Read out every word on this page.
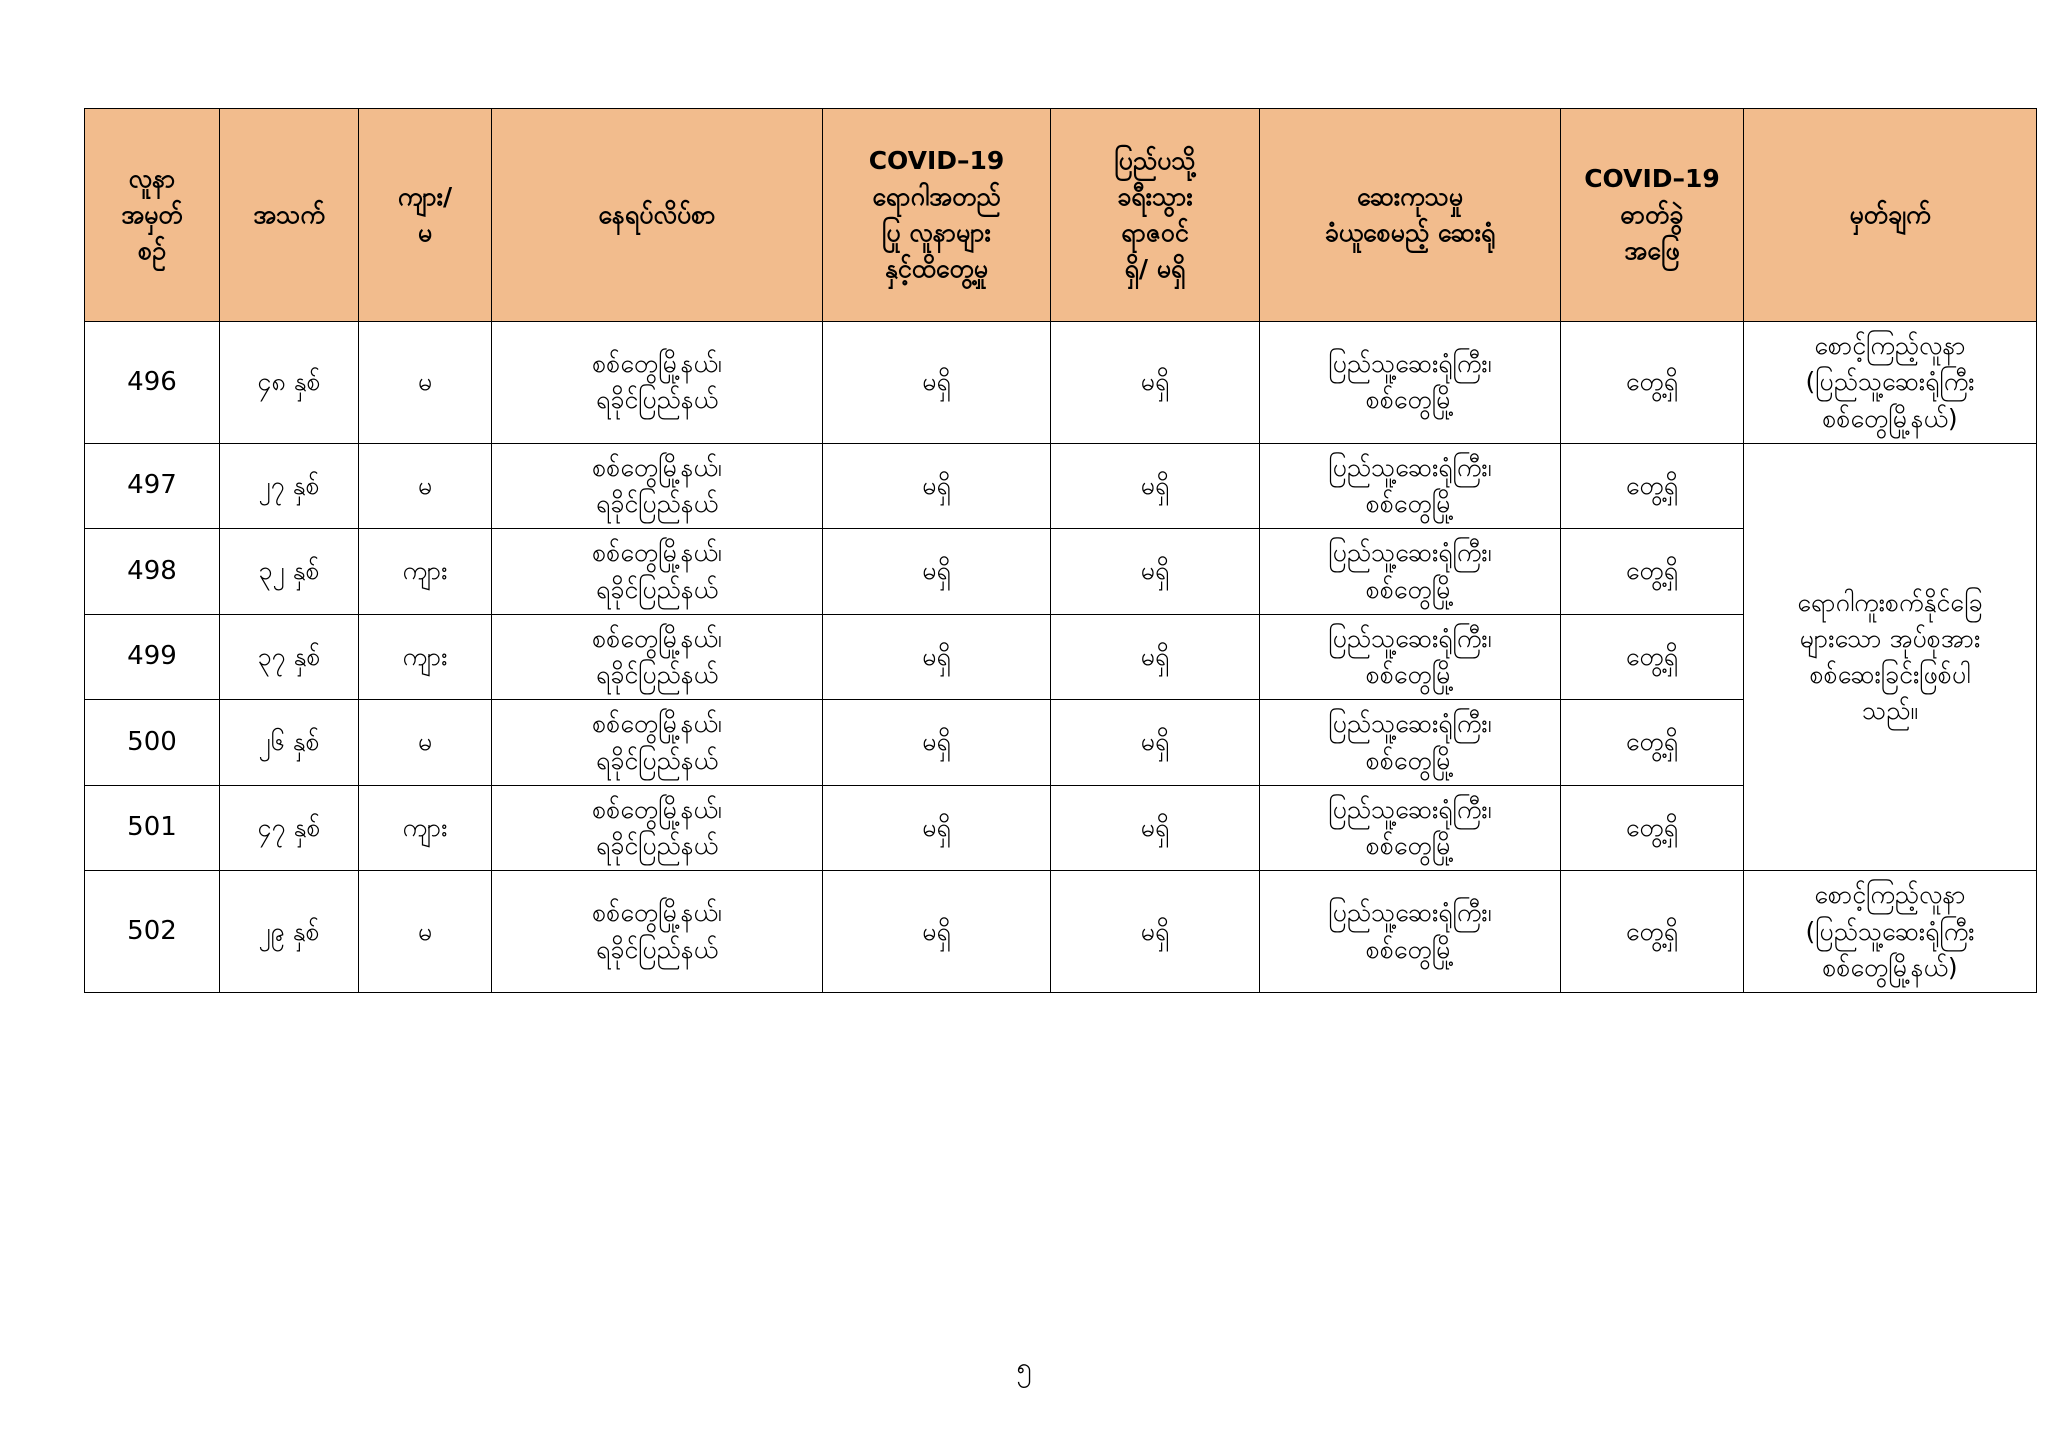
လူနာ
အမှတ်
စဉ်	အသက်	ကျား/
မ	နေရပ်လိပ်စာ	COVID–19
ရောဂါအတည်
ပြု လူနာများ
နှင့်ထိတွေ့မှု	ပြည်ပသို့
ခရီးသွား
ရာဇဝင်
ရှိ/ မရှိ	ဆေးကုသမှု
ခံယူစေမည့် ဆေးရုံ	COVID–19
ဓာတ်ခွဲ
အဖြေ	မှတ်ချက်

496	၄၈ နှစ်	မ	စစ်တွေမြို့နယ်၊
ရခိုင်ပြည်နယ်	မရှိ	မရှိ	ပြည်သူ့ဆေးရုံကြီး၊
စစ်တွေမြို့	တွေ့ရှိ	စောင့်ကြည့်လူနာ
(ပြည်သူ့ဆေးရုံကြီး
စစ်တွေမြို့နယ်)

497	၂၇ နှစ်	မ	စစ်တွေမြို့နယ်၊
ရခိုင်ပြည်နယ်	မရှိ	မရှိ	ပြည်သူ့ဆေးရုံကြီး၊
စစ်တွေမြို့	တွေ့ရှိ	ရောဂါကူးစက်နိုင်ခြေ
များသော အုပ်စုအား
စစ်ဆေးခြင်းဖြစ်ပါ
သည်။

498	၃၂ နှစ်	ကျား	စစ်တွေမြို့နယ်၊
ရခိုင်ပြည်နယ်	မရှိ	မရှိ	ပြည်သူ့ဆေးရုံကြီး၊
စစ်တွေမြို့	တွေ့ရှိ	
499	၃၇ နှစ်	ကျား	စစ်တွေမြို့နယ်၊
ရခိုင်ပြည်နယ်	မရှိ	မရှိ	ပြည်သူ့ဆေးရုံကြီး၊
စစ်တွေမြို့	တွေ့ရှိ	
500	၂၆ နှစ်	မ	စစ်တွေမြို့နယ်၊
ရခိုင်ပြည်နယ်	မရှိ	မရှိ	ပြည်သူ့ဆေးရုံကြီး၊
စစ်တွေမြို့	တွေ့ရှိ	
501	၄၇ နှစ်	ကျား	စစ်တွေမြို့နယ်၊
ရခိုင်ပြည်နယ်	မရှိ	မရှိ	ပြည်သူ့ဆေးရုံကြီး၊
စစ်တွေမြို့	တွေ့ရှိ	
502	၂၉ နှစ်	မ	စစ်တွေမြို့နယ်၊
ရခိုင်ပြည်နယ်	မရှိ	မရှိ	ပြည်သူ့ဆေးရုံကြီး၊
စစ်တွေမြို့	တွေ့ရှိ	စောင့်ကြည့်လူနာ
(ပြည်သူ့ဆေးရုံကြီး
စစ်တွေမြို့နယ်)
၅
